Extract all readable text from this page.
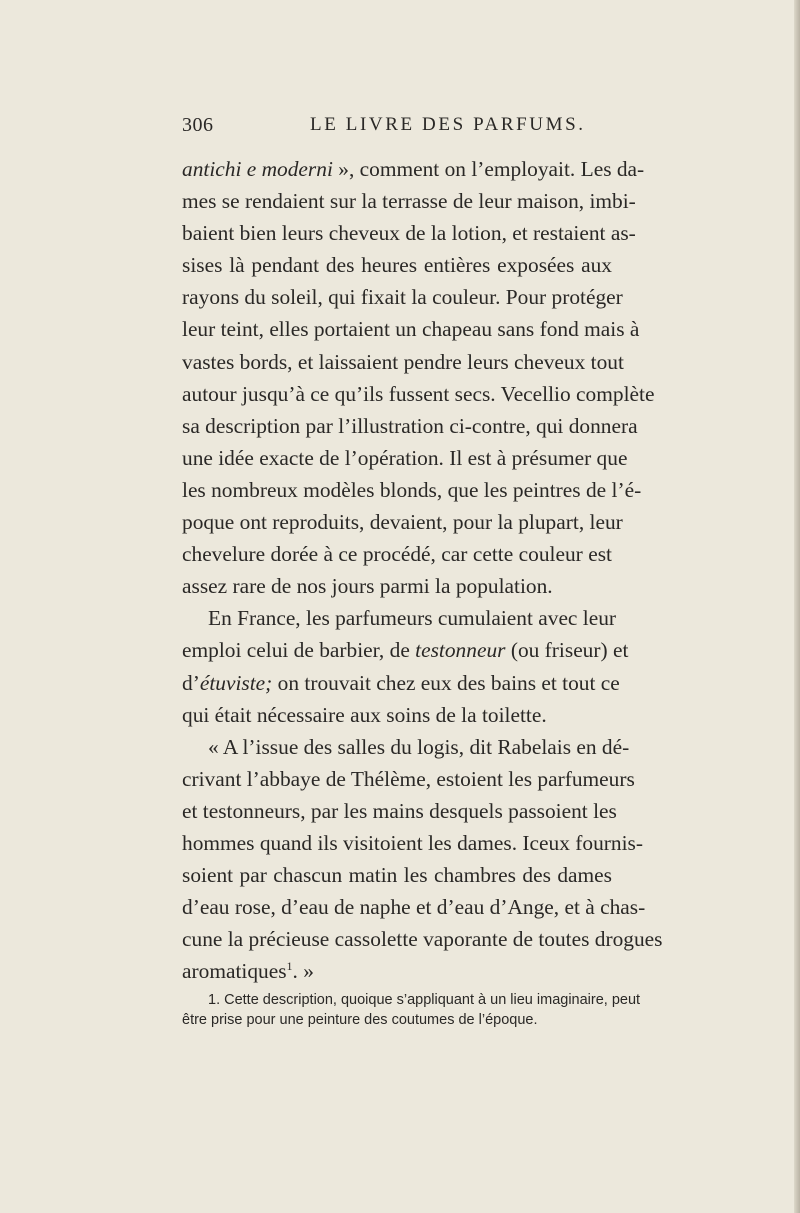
306	LE LIVRE DES PARFUMS.
antichi e moderni », comment on l’employait. Les da-
mes se rendaient sur la terrasse de leur maison, imbi-
baient bien leurs cheveux de la lotion, et restaient as-
sises là pendant des heures entières exposées aux
rayons du soleil, qui fixait la couleur. Pour protéger
leur teint, elles portaient un chapeau sans fond mais à
vastes bords, et laissaient pendre leurs cheveux tout
autour jusqu’à ce qu’ils fussent secs. Vecellio complète
sa description par l’illustration ci-contre, qui donnera
une idée exacte de l’opération. Il est à présumer que
les nombreux modèles blonds, que les peintres de l’é-
poque ont reproduits, devaient, pour la plupart, leur
chevelure dorée à ce procédé, car cette couleur est
assez rare de nos jours parmi la population.
En France, les parfumeurs cumulaient avec leur
emploi celui de barbier, de testonneur (ou friseur) et
d’étuviste; on trouvait chez eux des bains et tout ce
qui était nécessaire aux soins de la toilette.
« A l’issue des salles du logis, dit Rabelais en dé-
crivant l’abbaye de Thélème, estoient les parfumeurs
et testonneurs, par les mains desquels passoient les
hommes quand ils visitoient les dames. Iceux fournis-
soient par chascun matin les chambres des dames
d’eau rose, d’eau de naphe et d’eau d’Ange, et à chas-
cune la précieuse cassolette vaporante de toutes drogues
aromatiques$^1$. »
1. Cette description, quoique s’appliquant à un lieu imaginaire, peut
être prise pour une peinture des coutumes de l’époque.
